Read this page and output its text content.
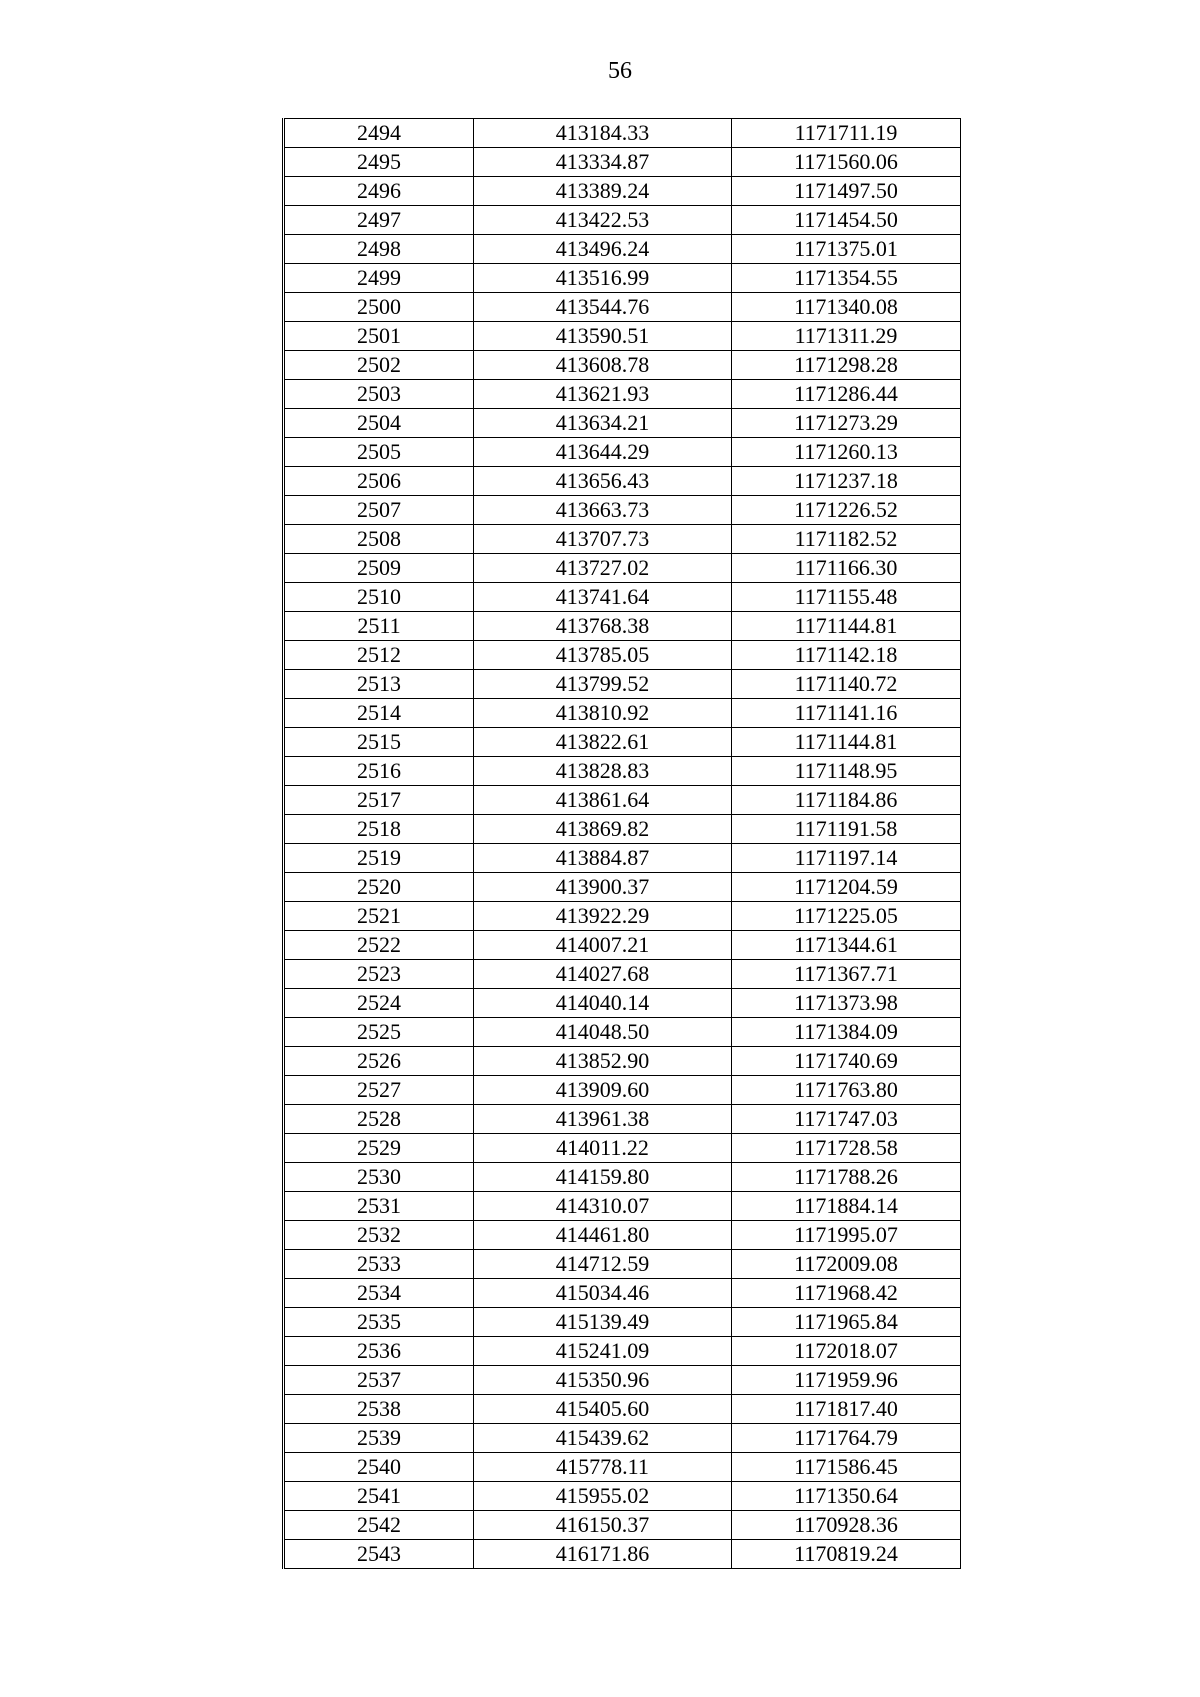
56
2494	413184.33	1171711.19
2495	413334.87	1171560.06
2496	413389.24	1171497.50
2497	413422.53	1171454.50
2498	413496.24	1171375.01
2499	413516.99	1171354.55
2500	413544.76	1171340.08
2501	413590.51	1171311.29
2502	413608.78	1171298.28
2503	413621.93	1171286.44
2504	413634.21	1171273.29
2505	413644.29	1171260.13
2506	413656.43	1171237.18
2507	413663.73	1171226.52
2508	413707.73	1171182.52
2509	413727.02	1171166.30
2510	413741.64	1171155.48
2511	413768.38	1171144.81
2512	413785.05	1171142.18
2513	413799.52	1171140.72
2514	413810.92	1171141.16
2515	413822.61	1171144.81
2516	413828.83	1171148.95
2517	413861.64	1171184.86
2518	413869.82	1171191.58
2519	413884.87	1171197.14
2520	413900.37	1171204.59
2521	413922.29	1171225.05
2522	414007.21	1171344.61
2523	414027.68	1171367.71
2524	414040.14	1171373.98
2525	414048.50	1171384.09
2526	413852.90	1171740.69
2527	413909.60	1171763.80
2528	413961.38	1171747.03
2529	414011.22	1171728.58
2530	414159.80	1171788.26
2531	414310.07	1171884.14
2532	414461.80	1171995.07
2533	414712.59	1172009.08
2534	415034.46	1171968.42
2535	415139.49	1171965.84
2536	415241.09	1172018.07
2537	415350.96	1171959.96
2538	415405.60	1171817.40
2539	415439.62	1171764.79
2540	415778.11	1171586.45
2541	415955.02	1171350.64
2542	416150.37	1170928.36
2543	416171.86	1170819.24
